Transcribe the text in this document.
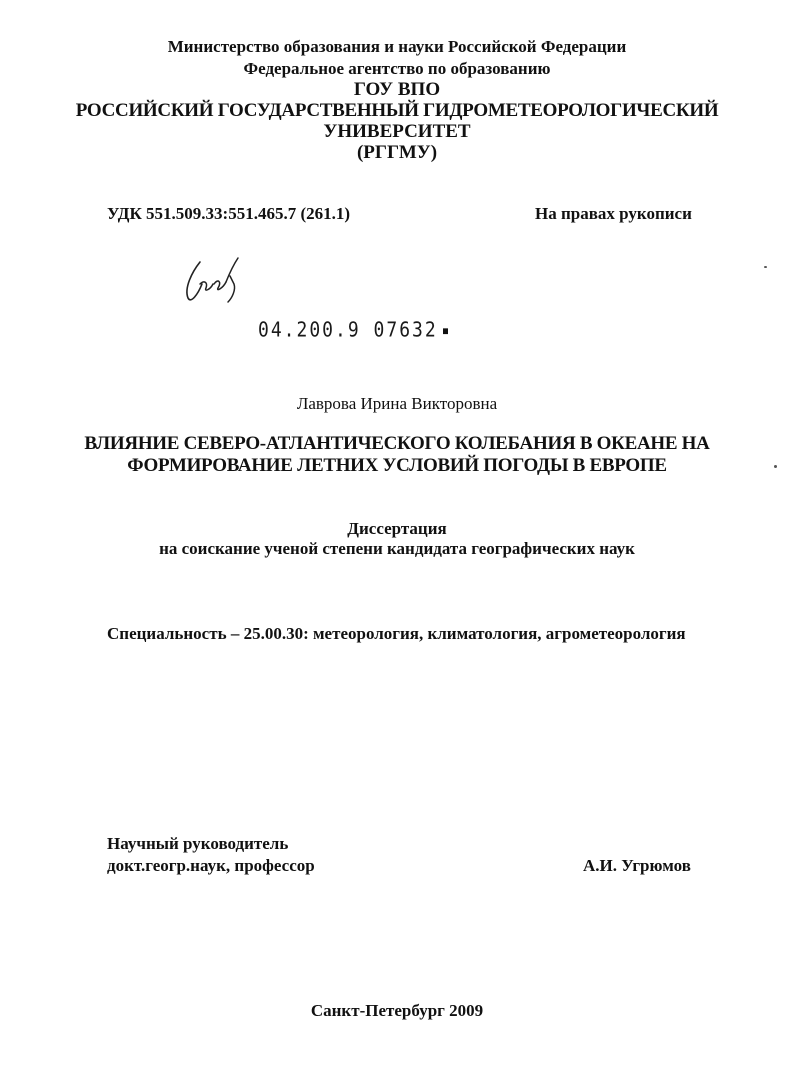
Министерство образования и науки Российской Федерации
Федеральное агентство по образованию
ГОУ ВПО
РОССИЙСКИЙ ГОСУДАРСТВЕННЫЙ ГИДРОМЕТЕОРОЛОГИЧЕСКИЙ
УНИВЕРСИТЕТ
(РГГМУ)
УДК 551.509.33:551.465.7 (261.1)	На правах рукописи
04.200.9 07632
Лаврова Ирина Викторовна
ВЛИЯНИЕ СЕВЕРО-АТЛАНТИЧЕСКОГО КОЛЕБАНИЯ В ОКЕАНЕ НА
ФОРМИРОВАНИЕ ЛЕТНИХ УСЛОВИЙ ПОГОДЫ В ЕВРОПЕ
Диссертация
на соискание ученой степени кандидата географических наук
Специальность – 25.00.30: метеорология, климатология, агрометеорология
Научный руководитель
докт.геогр.наук, профессор	А.И. Угрюмов
Санкт-Петербург 2009
